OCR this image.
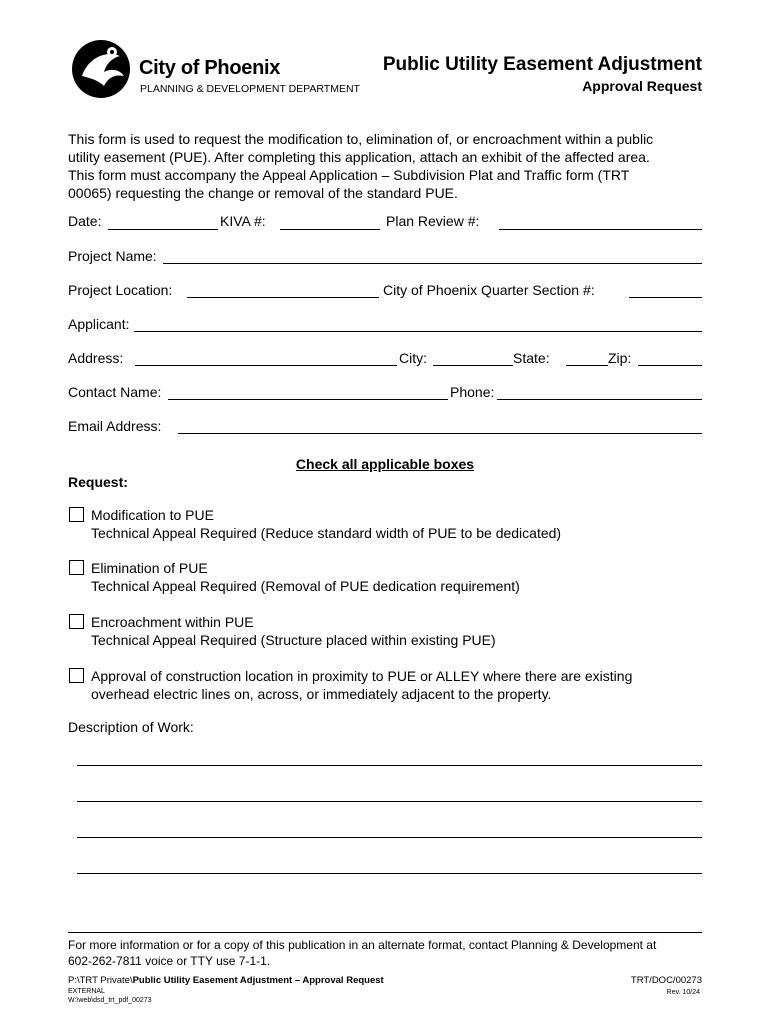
City of Phoenix
PLANNING & DEVELOPMENT DEPARTMENT
Public Utility Easement Adjustment
Approval Request
This form is used to request the modification to, elimination of, or encroachment within a public
utility easement (PUE). After completing this application, attach an exhibit of the affected area.
This form must accompany the Appeal Application – Subdivision Plat and Traffic form (TRT
00065) requesting the change or removal of the standard PUE.
Date:	KIVA #:	Plan Review #:
Project Name:
Project Location:	City of Phoenix Quarter Section #:
Applicant:
Address:	City:	State:	Zip:
Contact Name:	Phone:
Email Address:
Check all applicable boxes
Request:
Modification to PUE
Technical Appeal Required (Reduce standard width of PUE to be dedicated)
Elimination of PUE
Technical Appeal Required (Removal of PUE dedication requirement)
Encroachment within PUE
Technical Appeal Required (Structure placed within existing PUE)
Approval of construction location in proximity to PUE or ALLEY where there are existing
overhead electric lines on, across, or immediately adjacent to the property.
Description of Work:
For more information or for a copy of this publication in an alternate format, contact Planning & Development at
602-262-7811 voice or TTY use 7-1-1.
P:\TRT Private\Public Utility Easement Adjustment – Approval Request
EXTERNAL
W:\web\dsd_trt_pdf_00273
TRT/DOC/00273
Rev. 10/24
